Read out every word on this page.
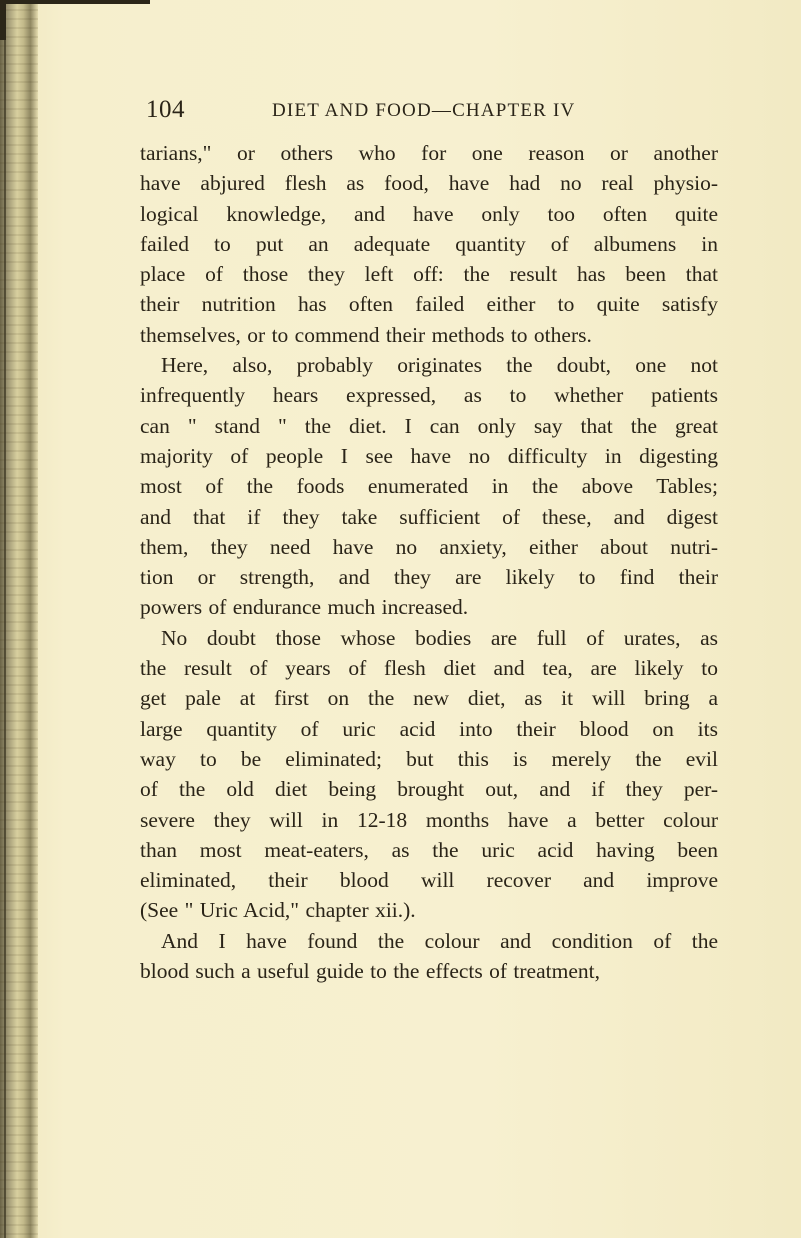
104	DIET AND FOOD—CHAPTER IV
tarians," or others who for one reason or another
have abjured flesh as food, have had no real physio-
logical knowledge, and have only too often quite
failed to put an adequate quantity of albumens in
place of those they left off: the result has been that
their nutrition has often failed either to quite satisfy
themselves, or to commend their methods to others.
Here, also, probably originates the doubt, one not
infrequently hears expressed, as to whether patients
can " stand " the diet. I can only say that the great
majority of people I see have no difficulty in digesting
most of the foods enumerated in the above Tables;
and that if they take sufficient of these, and digest
them, they need have no anxiety, either about nutri-
tion or strength, and they are likely to find their
powers of endurance much increased.
No doubt those whose bodies are full of urates, as
the result of years of flesh diet and tea, are likely to
get pale at first on the new diet, as it will bring a
large quantity of uric acid into their blood on its
way to be eliminated; but this is merely the evil
of the old diet being brought out, and if they per-
severe they will in 12-18 months have a better colour
than most meat-eaters, as the uric acid having been
eliminated, their blood will recover and improve
(See " Uric Acid," chapter xii.).
And I have found the colour and condition of the
blood such a useful guide to the effects of treatment,
